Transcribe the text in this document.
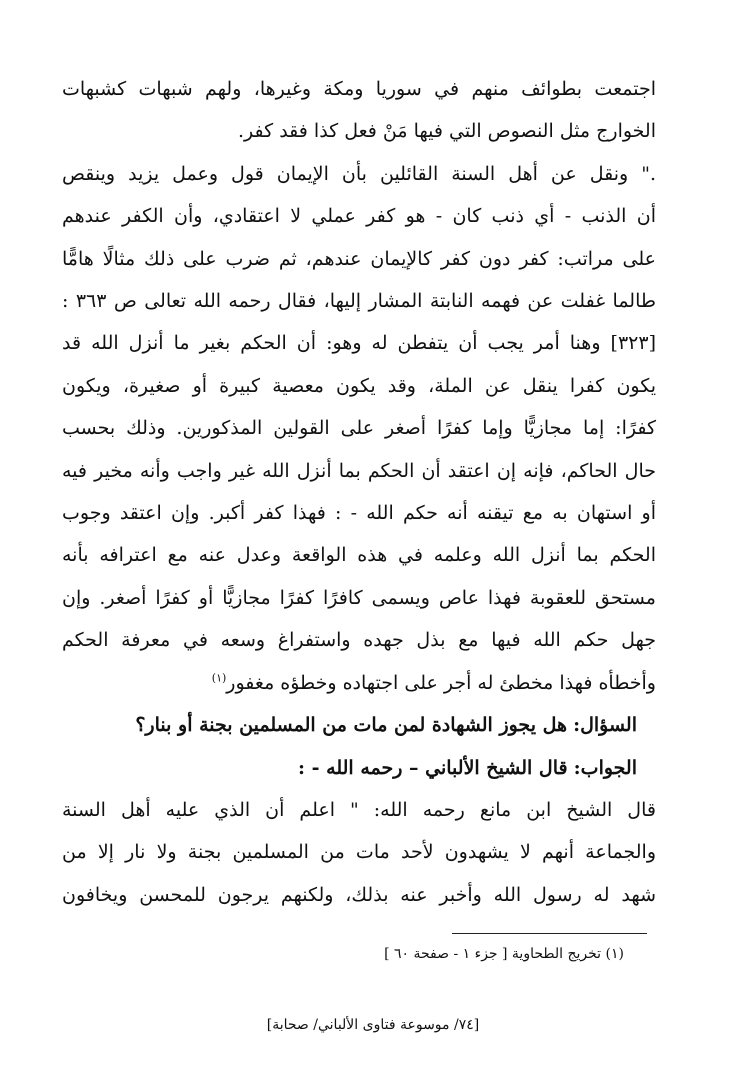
اجتمعت بطوائف منهم في سوريا ومكة وغيرها، ولهم شبهات كشبهات
الخوارج مثل النصوص التي فيها مَنْ فعل كذا فقد كفر.
." ونقل عن أهل السنة القائلين بأن الإيمان قول وعمل يزيد وينقص
أن الذنب - أي ذنب كان - هو كفر عملي لا اعتقادي، وأن الكفر عندهم
على مراتب: كفر دون كفر كالإيمان عندهم، ثم ضرب على ذلك مثالًا هامًّا
طالما غفلت عن فهمه النابتة المشار إليها، فقال رحمه الله تعالى ص ٣٦٣ :
[٣٢٣] وهنا أمر يجب أن يتفطن له وهو: أن الحكم بغير ما أنزل الله قد
يكون كفرا ينقل عن الملة، وقد يكون معصية كبيرة أو صغيرة، ويكون
كفرًا: إما مجازيًّا وإما كفرًا أصغر على القولين المذكورين. وذلك بحسب
حال الحاكم، فإنه إن اعتقد أن الحكم بما أنزل الله غير واجب وأنه مخير فيه
أو استهان به مع تيقنه أنه حكم الله - : فهذا كفر أكبر. وإن اعتقد وجوب
الحكم بما أنزل الله وعلمه في هذه الواقعة وعدل عنه مع اعترافه بأنه
مستحق للعقوبة فهذا عاص ويسمى كافرًا كفرًا مجازيًّا أو كفرًا أصغر. وإن
جهل حكم الله فيها مع بذل جهده واستفراغ وسعه في معرفة الحكم
وأخطأه فهذا مخطئ له أجر على اجتهاده وخطؤه مغفور$^{(١)}$
 السؤال: هل يجوز الشهادة لمن مات من المسلمين بجنة أو بنار؟
 الجواب: قال الشيخ الألباني – رحمه الله - :
قال الشيخ ابن مانع رحمه الله: " اعلم أن الذي عليه أهل السنة
والجماعة أنهم لا يشهدون لأحد مات من المسلمين بجنة ولا نار إلا من
شهد له رسول الله وأخبر عنه بذلك، ولكنهم يرجون للمحسن ويخافون
(١) تخريج الطحاوية [ جزء ١ - صفحة ٦٠ ]
[٧٤/ موسوعة فتاوى الألباني/ صحابة]
